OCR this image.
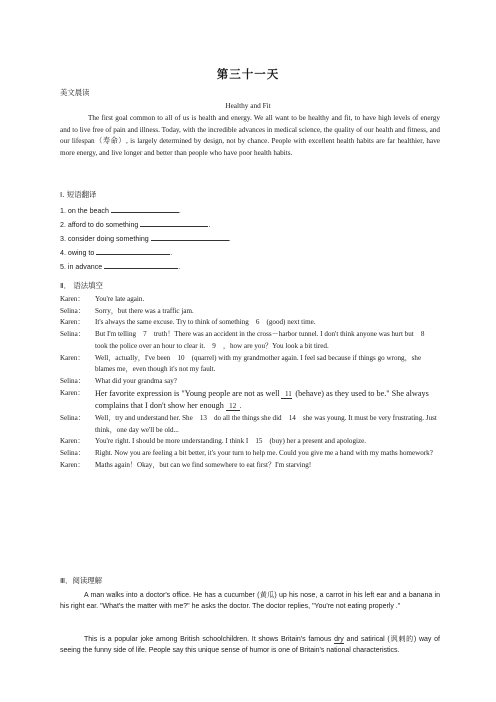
第三十一天
美文晨读
Healthy and Fit

The first goal common to all of us is health and energy. We all want to be healthy and fit, to have high levels of energy and to live free of pain and illness. Today, with the incredible advances in medical science, the quality of our health and fitness, and our lifespan（寿命）, is largely determined by design, not by chance. People with excellent health habits are far healthier, have more energy, and live longer and better than people who have poor health habits.

Ⅰ. 短语翻译
1. on the beach	.
2. afford to do something	.
3. consider doing something	.
4. owing to	.
5. in advance	.
Ⅱ． 语法填空
Karen： You're late again.
Selina： Sorry，but there was a traffic jam.
Karen： It's always the same excuse. Try to think of something　6　(good) next time.
Selina： But I'm telling　7　truth！There was an accident in the cross－harbor tunnel. I don't think anyone was hurt but　8　took the police over an hour to clear it.　9　，how are you？You look a bit tired.
Karen： Well，actually，I've been　10　(quarrel) with my grandmother again. I feel sad because if things go wrong，she blames me，even though it's not my fault.
Selina： What did your grandma say?
Karen： Her favorite expression is "Young people are not as well 11 (behave) as they used to be." She always complains that I don't show her enough 12 .
Selina： Well，try and understand her. She　13　do all the things she did　14　she was young. It must be very frustrating. Just think，one day we'll be old...
Karen： You're right. I should be more understanding. I think I　15　(buy) her a present and apologize.
Selina： Right. Now you are feeling a bit better, it's your turn to help me. Could you give me a hand with my maths homework?
Karen： Maths again！Okay，but can we find somewhere to eat first？I'm starving!
Ⅲ．阅读理解

A man walks into a doctor's office. He has a cucumber (黄瓜) up his nose, a carrot in his left ear and a banana in his right ear. "What's the matter with me?" he asks the doctor. The doctor replies, "You're not eating properly ."

This is a popular joke among British schoolchildren. It shows Britain's famous dry and satirical (讽刺的) way of seeing the funny side of life. People say this unique sense of humor is one of Britain's national characteristics.
